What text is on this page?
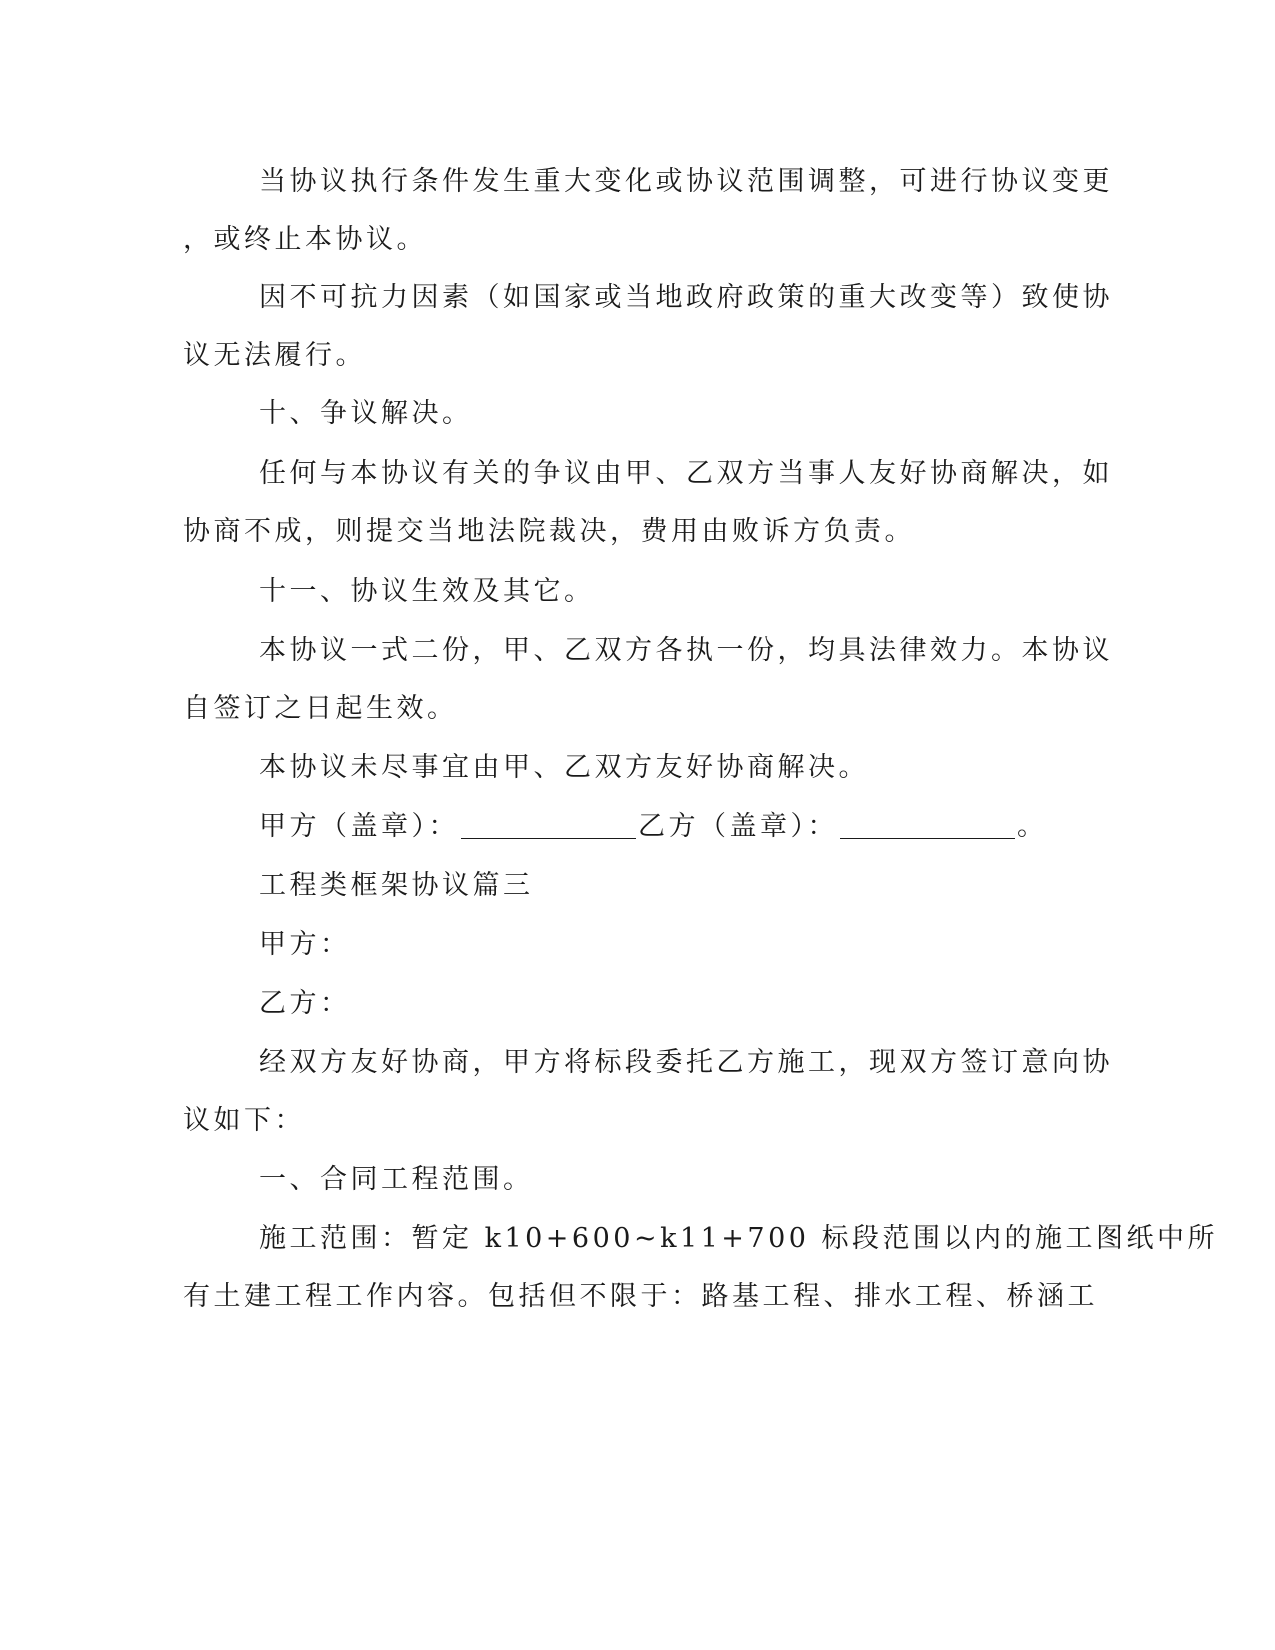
当协议执行条件发生重大变化或协议范围调整，可进行协议变更
，或终止本协议。
因不可抗力因素（如国家或当地政府政策的重大改变等）致使协
议无法履行。
十、争议解决。
任何与本协议有关的争议由甲、乙双方当事人友好协商解决，如
协商不成，则提交当地法院裁决，费用由败诉方负责。
十一、协议生效及其它。
本协议一式二份，甲、乙双方各执一份，均具法律效力。本协议
自签订之日起生效。
本协议未尽事宜由甲、乙双方友好协商解决。
甲方（盖章）：	乙方（盖章）：	。
工程类框架协议篇三
甲方：
乙方：
经双方友好协商，甲方将标段委托乙方施工，现双方签订意向协
议如下：
一、合同工程范围。
施工范围：暂定 k10+600~k11+700 标段范围以内的施工图纸中所
有土建工程工作内容。包括但不限于：路基工程、排水工程、桥涵工
